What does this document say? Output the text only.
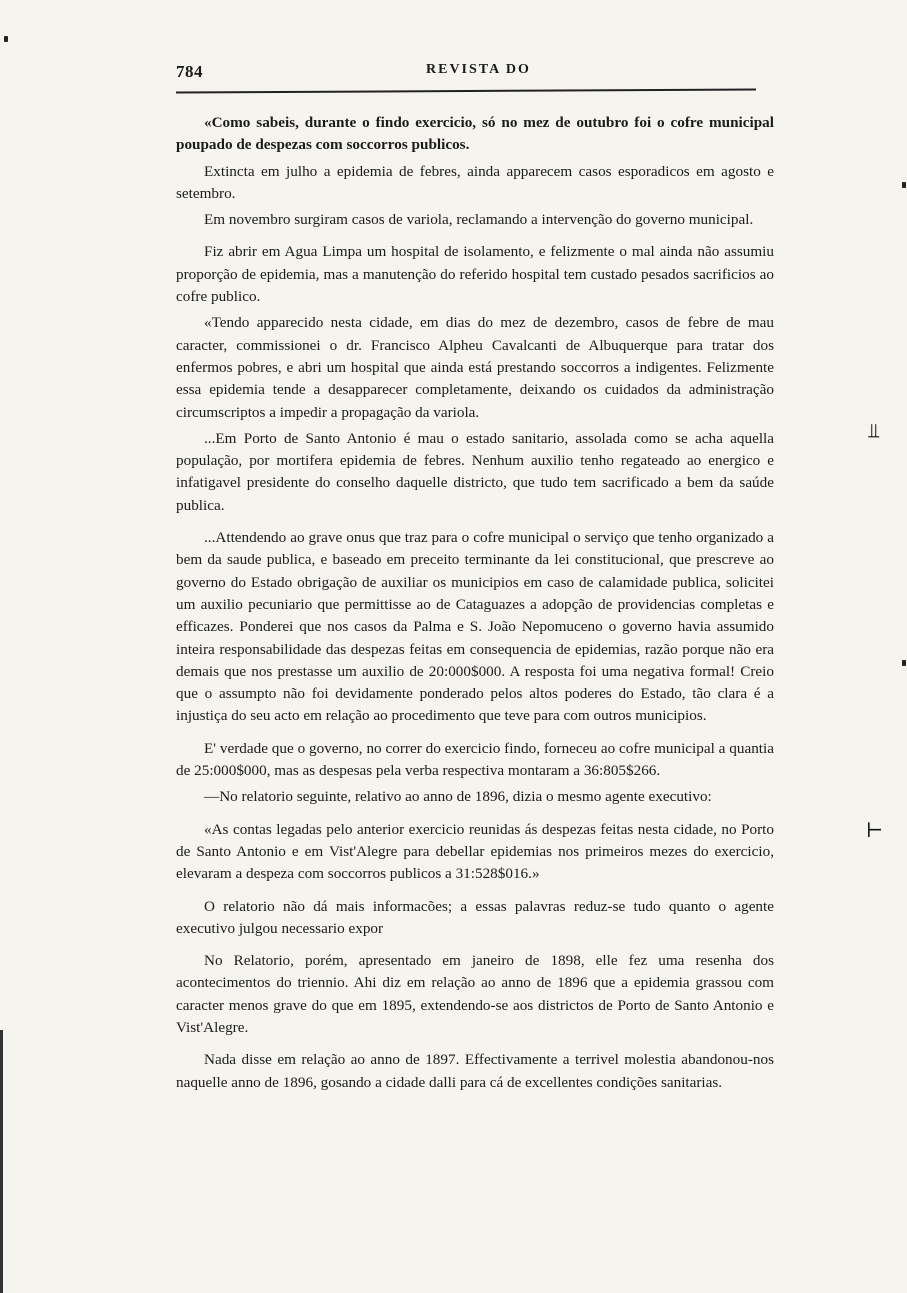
784	REVISTA DO

«Como sabeis, durante o findo exercicio, só no mez de outubro foi o cofre municipal poupado de despezas com soccorros publicos.

Extincta em julho a epidemia de febres, ainda apparecem casos esporadicos em agosto e setembro.

Em novembro surgiram casos de variola, reclamando a intervenção do governo municipal.

Fiz abrir em Agua Limpa um hospital de isolamento, e felizmente o mal ainda não assumiu proporção de epidemia, mas a manutenção do referido hospital tem custado pesados sacrificios ao cofre publico.

«Tendo apparecido nesta cidade, em dias do mez de dezembro, casos de febre de mau caracter, commissionei o dr. Francisco Alpheu Cavalcanti de Albuquerque para tratar dos enfermos pobres, e abri um hospital que ainda está prestando soccorros a indigentes. Felizmente essa epidemia tende a desapparecer completamente, deixando os cuidados da administração circumscriptos a impedir a propagação da variola.

...Em Porto de Santo Antonio é mau o estado sanitario, assolada como se acha aquella população, por mortifera epidemia de febres. Nenhum auxilio tenho regateado ao energico e infatigavel presidente do conselho daquelle districto, que tudo tem sacrificado a bem da saúde publica.

...Attendendo ao grave onus que traz para o cofre municipal o serviço que tenho organizado a bem da saude publica, e baseado em preceito terminante da lei constitucional, que prescreve ao governo do Estado obrigação de auxiliar os municipios em caso de calamidade publica, solicitei um auxilio pecuniario que permittisse ao de Cataguazes a adopção de providencias completas e efficazes. Ponderei que nos casos da Palma e S. João Nepomuceno o governo havia assumido inteira responsabilidade das despezas feitas em consequencia de epidemias, razão porque não era demais que nos prestasse um auxilio de 20:000$000. A resposta foi uma negativa formal! Creio que o assumpto não foi devidamente ponderado pelos altos poderes do Estado, tão clara é a injustiça do seu acto em relação ao procedimento que teve para com outros municipios.

E' verdade que o governo, no correr do exercicio findo, forneceu ao cofre municipal a quantia de 25:000$000, mas as despesas pela verba respectiva montaram a 36:805$266.

—No relatorio seguinte, relativo ao anno de 1896, dizia o mesmo agente executivo:

«As contas legadas pelo anterior exercicio reunidas ás despezas feitas nesta cidade, no Porto de Santo Antonio e em Vist'Alegre para debellar epidemias nos primeiros mezes do exercicio, elevaram a despeza com soccorros publicos a 31:528$016.»

O relatorio não dá mais informacões; a essas palavras reduz-se tudo quanto o agente executivo julgou necessario expor

No Relatorio, porém, apresentado em janeiro de 1898, elle fez uma resenha dos acontecimentos do triennio. Ahi diz em relação ao anno de 1896 que a epidemia grassou com caracter menos grave do que em 1895, extendendo-se aos districtos de Porto de Santo Antonio e Vist'Alegre.

Nada disse em relação ao anno de 1897. Effectivamente a terrivel molestia abandonou-nos naquelle anno de 1896, gosando a cidade dalli para cá de excellentes condições sanitarias.

⫫
⊢
